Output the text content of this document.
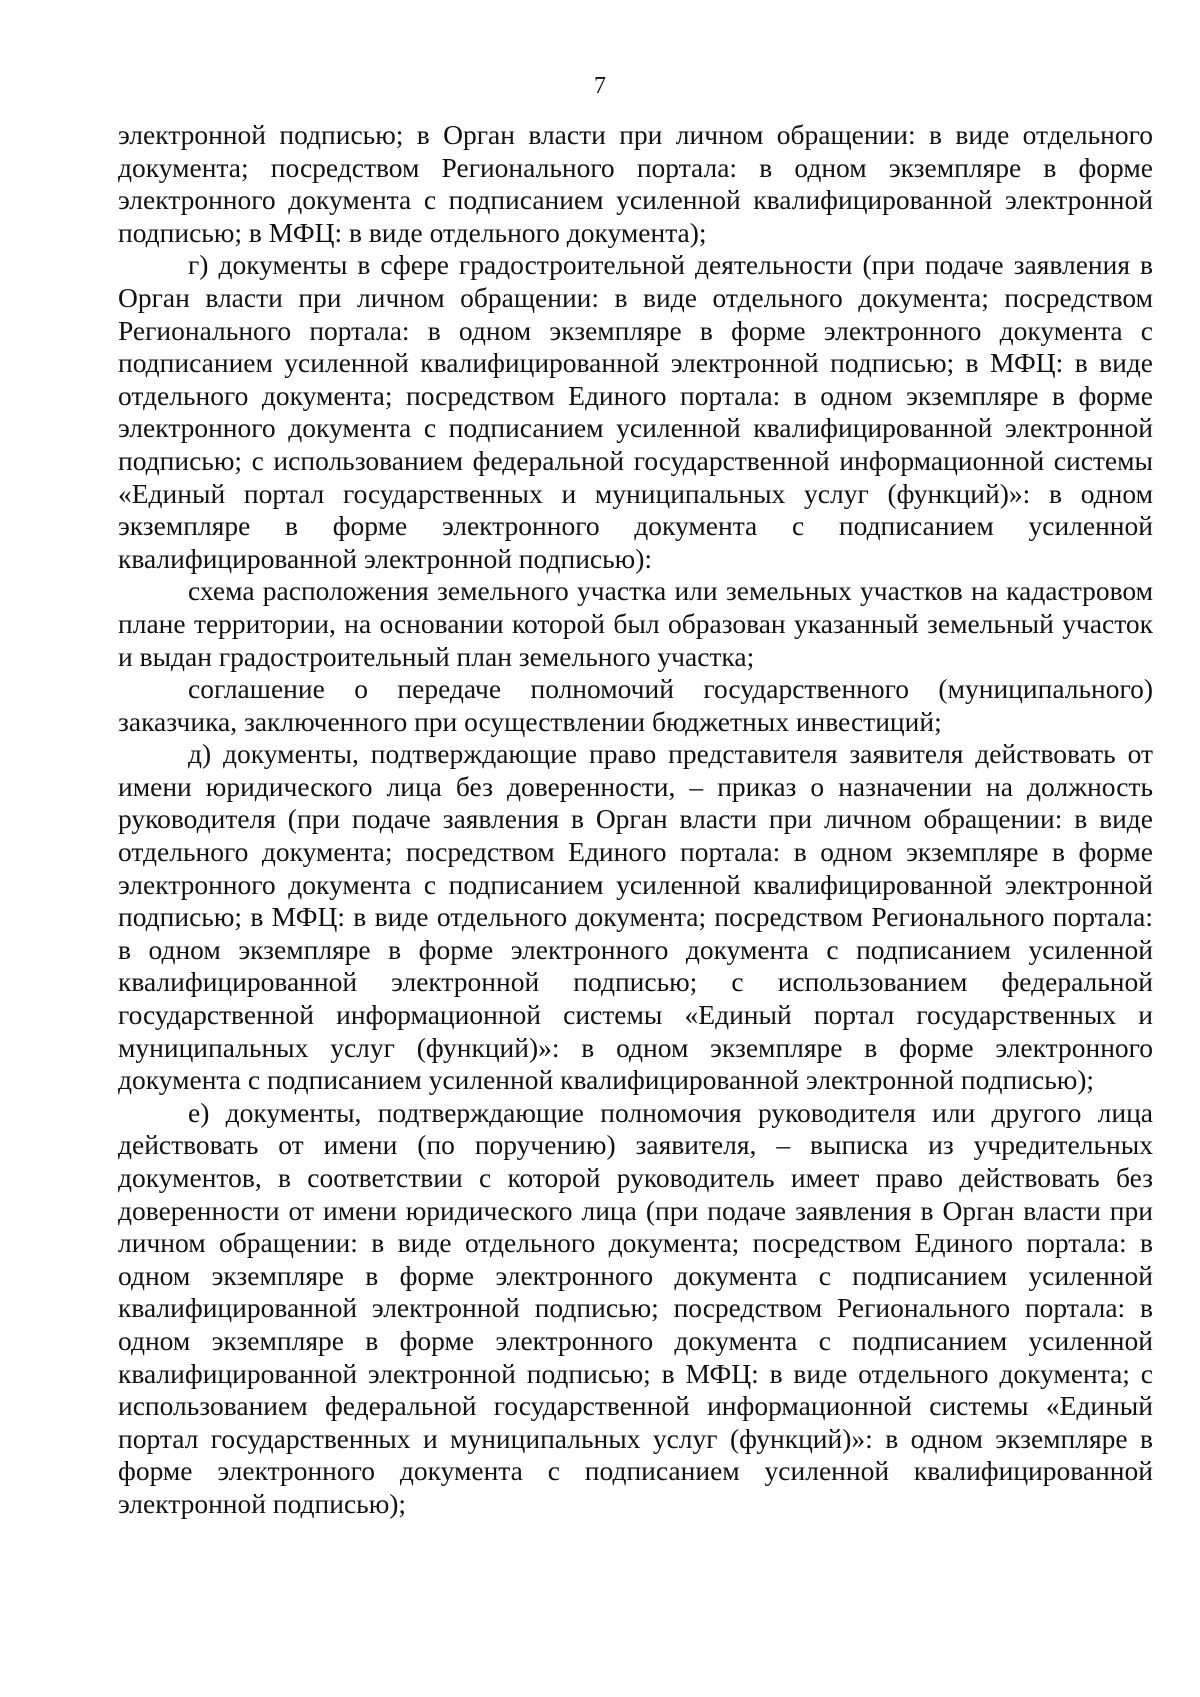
7

электронной подписью; в Орган власти при личном обращении: в виде отдельного документа; посредством Регионального портала: в одном экземпляре в форме электронного документа с подписанием усиленной квалифицированной электронной подписью; в МФЦ: в виде отдельного документа);

г) документы в сфере градостроительной деятельности (при подаче заявления в Орган власти при личном обращении: в виде отдельного документа; посредством Регионального портала: в одном экземпляре в форме электронного документа с подписанием усиленной квалифицированной электронной подписью; в МФЦ: в виде отдельного документа; посредством Единого портала: в одном экземпляре в форме электронного документа с подписанием усиленной квалифицированной электронной подписью; с использованием федеральной государственной информационной системы «Единый портал государственных и муниципальных услуг (функций)»: в одном экземпляре в форме электронного документа с подписанием усиленной квалифицированной электронной подписью):

схема расположения земельного участка или земельных участков на кадастровом плане территории, на основании которой был образован указанный земельный участок и выдан градостроительный план земельного участка;

соглашение о передаче полномочий государственного (муниципального) заказчика, заключенного при осуществлении бюджетных инвестиций;

д) документы, подтверждающие право представителя заявителя действовать от имени юридического лица без доверенности, – приказ о назначении на должность руководителя (при подаче заявления в Орган власти при личном обращении: в виде отдельного документа; посредством Единого портала: в одном экземпляре в форме электронного документа с подписанием усиленной квалифицированной электронной подписью; в МФЦ: в виде отдельного документа; посредством Регионального портала: в одном экземпляре в форме электронного документа с подписанием усиленной квалифицированной электронной подписью; с использованием федеральной государственной информационной системы «Единый портал государственных и муниципальных услуг (функций)»: в одном экземпляре в форме электронного документа с подписанием усиленной квалифицированной электронной подписью);

е) документы, подтверждающие полномочия руководителя или другого лица действовать от имени (по поручению) заявителя, – выписка из учредительных документов, в соответствии с которой руководитель имеет право действовать без доверенности от имени юридического лица (при подаче заявления в Орган власти при личном обращении: в виде отдельного документа; посредством Единого портала: в одном экземпляре в форме электронного документа с подписанием усиленной квалифицированной электронной подписью; посредством Регионального портала: в одном экземпляре в форме электронного документа с подписанием усиленной квалифицированной электронной подписью; в МФЦ: в виде отдельного документа; с использованием федеральной государственной информационной системы «Единый портал государственных и муниципальных услуг (функций)»: в одном экземпляре в форме электронного документа с подписанием усиленной квалифицированной электронной подписью);
